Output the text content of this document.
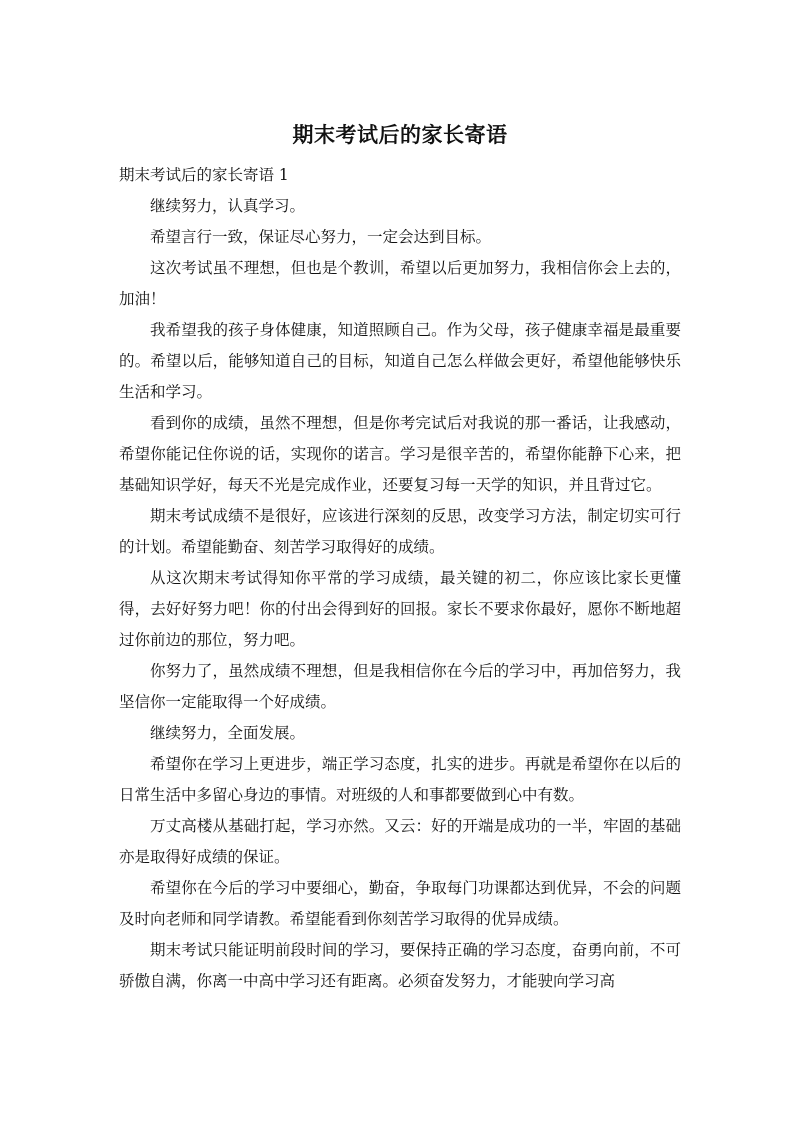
期末考试后的家长寄语

期末考试后的家长寄语 1

继续努力，认真学习。

希望言行一致，保证尽心努力，一定会达到目标。

这次考试虽不理想，但也是个教训，希望以后更加努力，我相信你会上去的，加油！

我希望我的孩子身体健康，知道照顾自己。作为父母，孩子健康幸福是最重要的。希望以后，能够知道自己的目标，知道自己怎么样做会更好，希望他能够快乐生活和学习。

看到你的成绩，虽然不理想，但是你考完试后对我说的那一番话，让我感动，希望你能记住你说的话，实现你的诺言。学习是很辛苦的，希望你能静下心来，把基础知识学好，每天不光是完成作业，还要复习每一天学的知识，并且背过它。

期末考试成绩不是很好，应该进行深刻的反思，改变学习方法，制定切实可行的计划。希望能勤奋、刻苦学习取得好的成绩。

从这次期末考试得知你平常的学习成绩，最关键的初二，你应该比家长更懂得，去好好努力吧！你的付出会得到好的回报。家长不要求你最好，愿你不断地超过你前边的那位，努力吧。

你努力了，虽然成绩不理想，但是我相信你在今后的学习中，再加倍努力，我坚信你一定能取得一个好成绩。

继续努力，全面发展。

希望你在学习上更进步，端正学习态度，扎实的进步。再就是希望你在以后的日常生活中多留心身边的事情。对班级的人和事都要做到心中有数。

万丈高楼从基础打起，学习亦然。又云：好的开端是成功的一半，牢固的基础亦是取得好成绩的保证。

希望你在今后的学习中要细心，勤奋，争取每门功课都达到优异，不会的问题及时向老师和同学请教。希望能看到你刻苦学习取得的优异成绩。

期末考试只能证明前段时间的学习，要保持正确的学习态度，奋勇向前，不可骄傲自满，你离一中高中学习还有距离。必须奋发努力，才能驶向学习高
